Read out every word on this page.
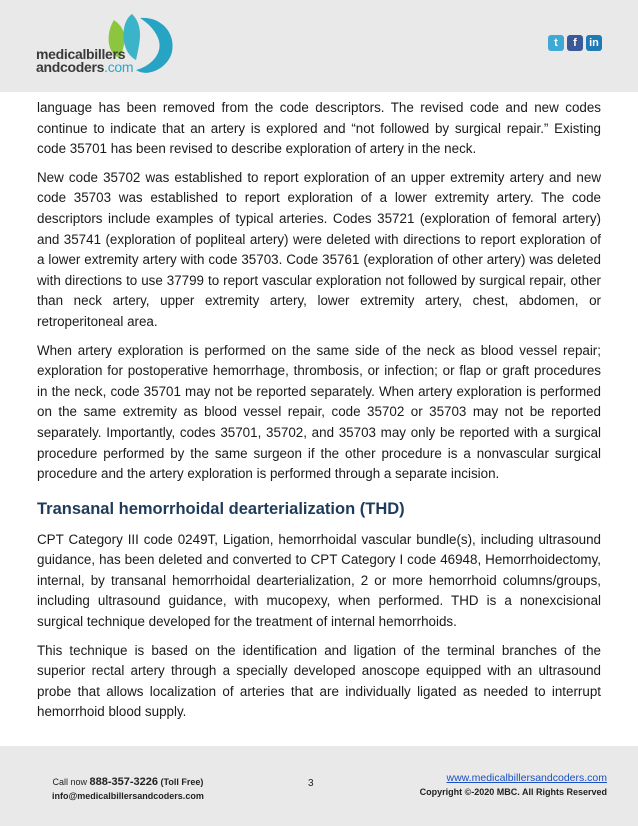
medicalbillers
andcoders.com
t	f	in

language has been removed from the code descriptors. The revised code and new codes continue to indicate that an artery is explored and “not followed by surgical repair.” Existing code 35701 has been revised to describe exploration of artery in the neck.

New code 35702 was established to report exploration of an upper extremity artery and new code 35703 was established to report exploration of a lower extremity artery. The code descriptors include examples of typical arteries. Codes 35721 (exploration of femoral artery) and 35741 (exploration of popliteal artery) were deleted with directions to report exploration of a lower extremity artery with code 35703. Code 35761 (exploration of other artery) was deleted with directions to use 37799 to report vascular exploration not followed by surgical repair, other than neck artery, upper extremity artery, lower extremity artery, chest, abdomen, or retroperitoneal area.

When artery exploration is performed on the same side of the neck as blood vessel repair; exploration for postoperative hemorrhage, thrombosis, or infection; or flap or graft procedures in the neck, code 35701 may not be reported separately. When artery exploration is performed on the same extremity as blood vessel repair, code 35702 or 35703 may not be reported separately. Importantly, codes 35701, 35702, and 35703 may only be reported with a surgical procedure performed by the same surgeon if the other procedure is a nonvascular surgical procedure and the artery exploration is performed through a separate incision.

Transanal hemorrhoidal dearterialization (THD)

CPT Category III code 0249T, Ligation, hemorrhoidal vascular bundle(s), including ultrasound guidance, has been deleted and converted to CPT Category I code 46948, Hemorrhoidectomy, internal, by transanal hemorrhoidal dearterialization, 2 or more hemorrhoid columns/groups, including ultrasound guidance, with mucopexy, when performed. THD is a nonexcisional surgical technique developed for the treatment of internal hemorrhoids.

This technique is based on the identification and ligation of the terminal branches of the superior rectal artery through a specially developed anoscope equipped with an ultrasound probe that allows localization of arteries that are individually ligated as needed to interrupt hemorrhoid blood supply.

Call now 888-357-3226 (Toll Free)
info@medicalbillersandcoders.com
3	www.medicalbillersandcoders.com
Copyright ©-2020 MBC. All Rights Reserved
